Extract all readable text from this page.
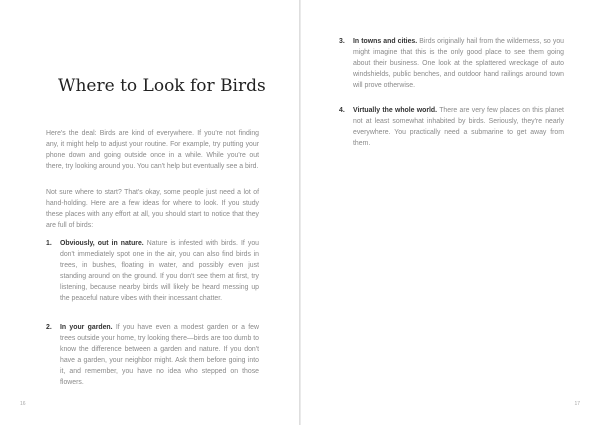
Where to Look for Birds

Here's the deal: Birds are kind of everywhere. If you're not finding any, it might help to adjust your routine. For example, try putting your phone down and going outside once in a while. While you're out there, try looking around you. You can't help but eventually see a bird.

Not sure where to start? That's okay, some people just need a lot of hand-holding. Here are a few ideas for where to look. If you study these places with any effort at all, you should start to notice that they are full of birds:

1. Obviously, out in nature. Nature is infested with birds. If you don't immediately spot one in the air, you can also find birds in trees, in bushes, floating in water, and possibly even just standing around on the ground. If you don't see them at first, try listening, because nearby birds will likely be heard messing up the peaceful nature vibes with their incessant chatter.
2. In your garden. If you have even a modest garden or a few trees outside your home, try looking there—birds are too dumb to know the difference between a garden and nature. If you don't have a garden, your neighbor might. Ask them before going into it, and remember, you have no idea who stepped on those flowers.
16
3. In towns and cities. Birds originally hail from the wilderness, so you might imagine that this is the only good place to see them going about their business. One look at the splattered wreckage of auto windshields, public benches, and outdoor hand railings around town will prove otherwise.
4. Virtually the whole world. There are very few places on this planet not at least somewhat inhabited by birds. Seriously, they're nearly everywhere. You practically need a submarine to get away from them.
17
